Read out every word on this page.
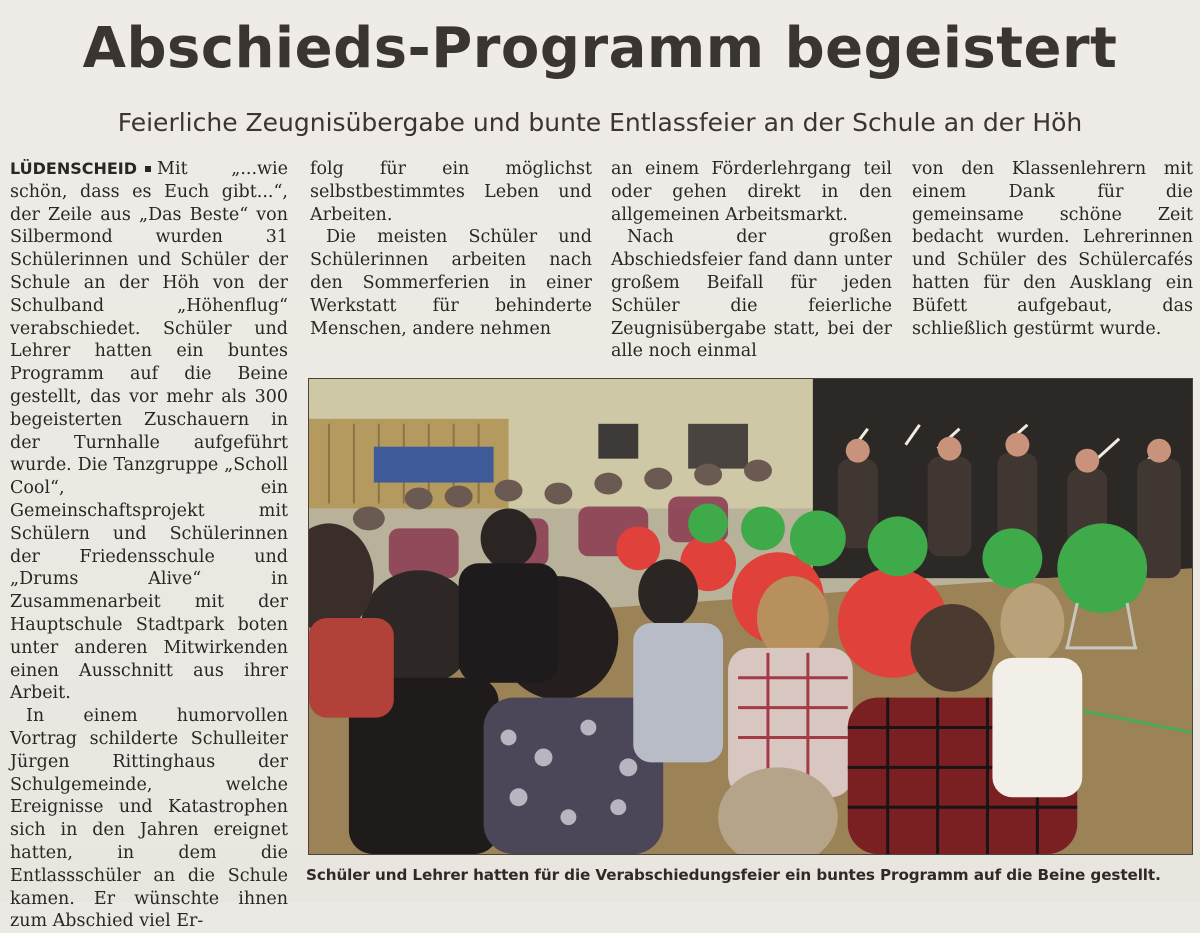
Abschieds-Programm begeistert
Feierliche Zeugnisübergabe und bunte Entlassfeier an der Schule an der Höh

LÜDENSCHEID Mit „...wie schön, dass es Euch gibt...“, der Zeile aus „Das Beste“ von Silbermond wurden 31 Schülerinnen und Schüler der Schule an der Höh von der Schulband „Höhenflug“ verabschiedet. Schüler und Lehrer hatten ein buntes Programm auf die Beine gestellt, das vor mehr als 300 begeisterten Zuschauern in der Turnhalle aufgeführt wurde. Die Tanzgruppe „Scholl Cool“, ein Gemeinschaftsprojekt mit Schülern und Schülerinnen der Friedensschule und „Drums Alive“ in Zusammenarbeit mit der Hauptschule Stadtpark boten unter anderen Mitwirkenden einen Ausschnitt aus ihrer Arbeit.

In einem humorvollen Vortrag schilderte Schulleiter Jürgen Rittinghaus der Schulgemeinde, welche Ereignisse und Katastrophen sich in den Jahren ereignet hatten, in dem die Entlassschüler an die Schule kamen. Er wünschte ihnen zum Abschied viel Er-

folg für ein möglichst selbstbestimmtes Leben und Arbeiten.

Die meisten Schüler und Schülerinnen arbeiten nach den Sommerferien in einer Werkstatt für behinderte Menschen, andere nehmen

an einem Förderlehrgang teil oder gehen direkt in den allgemeinen Arbeitsmarkt.

Nach der großen Abschiedsfeier fand dann unter großem Beifall für jeden Schüler die feierliche Zeugnisübergabe statt, bei der alle noch einmal

von den Klassenlehrern mit einem Dank für die gemeinsame schöne Zeit bedacht wurden. Lehrerinnen und Schüler des Schülercafés hatten für den Ausklang ein Büfett aufgebaut, das schließlich gestürmt wurde.

Schüler und Lehrer hatten für die Verabschiedungsfeier ein buntes Programm auf die Beine gestellt.
